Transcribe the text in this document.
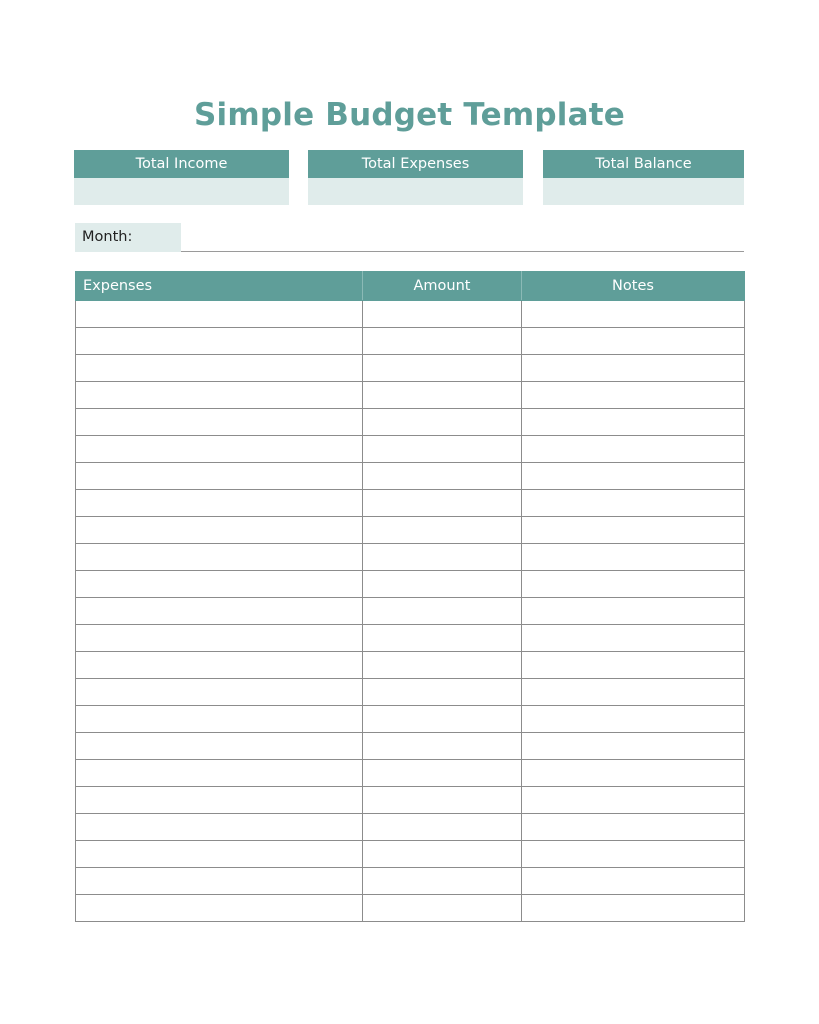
Simple Budget Template
Total Income	Total Expenses	Total Balance
Month:
Expenses	Amount	Notes
